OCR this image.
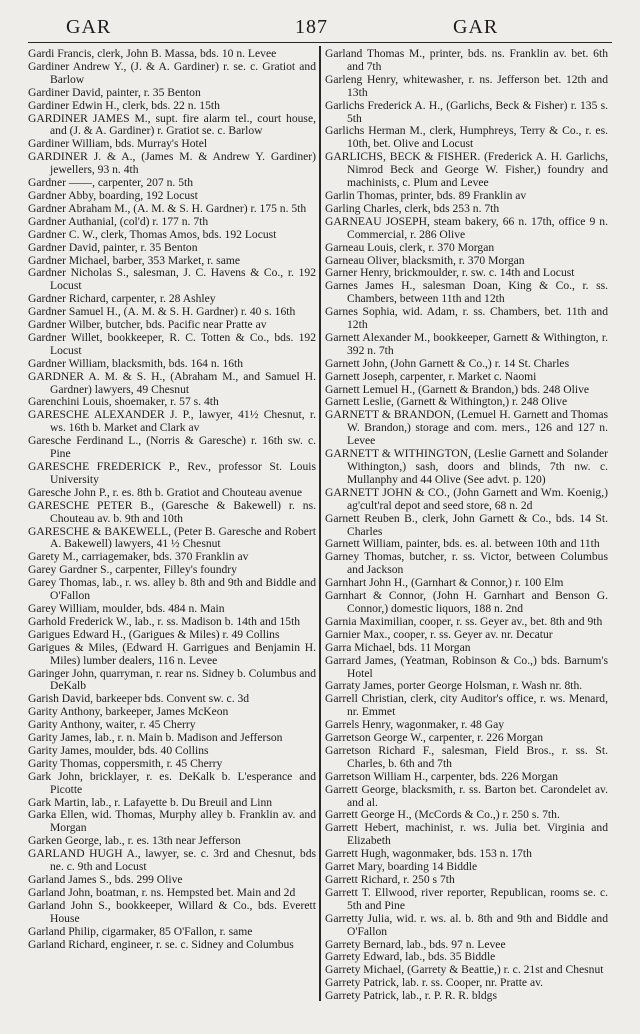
GAR	187	GAR

Gardi Francis, clerk, John B. Massa, bds. 10 n. Levee

Gardiner Andrew Y., (J. & A. Gardiner) r. se. c. Gratiot and Barlow

Gardiner David, painter, r. 35 Benton

Gardiner Edwin H., clerk, bds. 22 n. 15th

GARDINER JAMES M., supt. fire alarm tel., court house, and (J. & A. Gardiner) r. Gratiot se. c. Barlow

Gardiner William, bds. Murray's Hotel

GARDINER J. & A., (James M. & Andrew Y. Gardiner) jewellers, 93 n. 4th

Gardner ——, carpenter, 207 n. 5th

Gardner Abby, boarding, 192 Locust

Gardner Abraham M., (A. M. & S. H. Gardner) r. 175 n. 5th

Gardner Authanial, (col'd) r. 177 n. 7th

Gardner C. W., clerk, Thomas Amos, bds. 192 Locust

Gardner David, painter, r. 35 Benton

Gardner Michael, barber, 353 Market, r. same

Gardner Nicholas S., salesman, J. C. Havens & Co., r. 192 Locust

Gardner Richard, carpenter, r. 28 Ashley

Gardner Samuel H., (A. M. & S. H. Gardner) r. 40 s. 16th

Gardner Wilber, butcher, bds. Pacific near Pratte av

Gardner Willet, bookkeeper, R. C. Totten & Co., bds. 192 Locust

Gardner William, blacksmith, bds. 164 n. 16th

GARDNER A. M. & S. H., (Abraham M., and Samuel H. Gardner) lawyers, 49 Chesnut

Garenchini Louis, shoemaker, r. 57 s. 4th

GARESCHE ALEXANDER J. P., lawyer, 41½ Chesnut, r. ws. 16th b. Market and Clark av

Garesche Ferdinand L., (Norris & Garesche) r. 16th sw. c. Pine

GARESCHE FREDERICK P., Rev., professor St. Louis University

Garesche John P., r. es. 8th b. Gratiot and Chouteau avenue

GARESCHE PETER B., (Garesche & Bakewell) r. ns. Chouteau av. b. 9th and 10th

GARESCHE & BAKEWELL, (Peter B. Garesche and Robert A. Bakewell) lawyers, 41 ½ Chesnut

Garety M., carriagemaker, bds. 370 Franklin av

Garey Gardner S., carpenter, Filley's foundry

Garey Thomas, lab., r. ws. alley b. 8th and 9th and Biddle and O'Fallon

Garey William, moulder, bds. 484 n. Main

Garhold Frederick W., lab., r. ss. Madison b. 14th and 15th

Garigues Edward H., (Garigues & Miles) r. 49 Collins

Garigues & Miles, (Edward H. Garrigues and Benjamin H. Miles) lumber dealers, 116 n. Levee

Garinger John, quarryman, r. rear ns. Sidney b. Columbus and DeKalb

Garish David, barkeeper bds. Convent sw. c. 3d

Garity Anthony, barkeeper, James McKeon

Garity Anthony, waiter, r. 45 Cherry

Garity James, lab., r. n. Main b. Madison and Jefferson

Garity James, moulder, bds. 40 Collins

Garity Thomas, coppersmith, r. 45 Cherry

Gark John, bricklayer, r. es. DeKalk b. L'esperance and Picotte

Gark Martin, lab., r. Lafayette b. Du Breuil and Linn

Garka Ellen, wid. Thomas, Murphy alley b. Franklin av. and Morgan

Garken George, lab., r. es. 13th near Jefferson

GARLAND HUGH A., lawyer, se. c. 3rd and Chesnut, bds ne. c. 9th and Locust

Garland James S., bds. 299 Olive

Garland John, boatman, r. ns. Hempsted bet. Main and 2d

Garland John S., bookkeeper, Willard & Co., bds. Everett House

Garland Philip, cigarmaker, 85 O'Fallon, r. same

Garland Richard, engineer, r. se. c. Sidney and Columbus

Garland Thomas M., printer, bds. ns. Franklin av. bet. 6th and 7th

Garleng Henry, whitewasher, r. ns. Jefferson bet. 12th and 13th

Garlichs Frederick A. H., (Garlichs, Beck & Fisher) r. 135 s. 5th

Garlichs Herman M., clerk, Humphreys, Terry & Co., r. es. 10th, bet. Olive and Locust

GARLICHS, BECK & FISHER. (Frederick A. H. Garlichs, Nimrod Beck and George W. Fisher,) foundry and machinists, c. Plum and Levee

Garlin Thomas, printer, bds. 89 Franklin av

Garling Charles, clerk, bds 253 n. 7th

GARNEAU JOSEPH, steam bakery, 66 n. 17th, office 9 n. Commercial, r. 286 Olive

Garneau Louis, clerk, r. 370 Morgan

Garneau Oliver, blacksmith, r. 370 Morgan

Garner Henry, brickmoulder, r. sw. c. 14th and Locust

Garnes James H., salesman Doan, King & Co., r. ss. Chambers, between 11th and 12th

Garnes Sophia, wid. Adam, r. ss. Chambers, bet. 11th and 12th

Garnett Alexander M., bookkeeper, Garnett & Withington, r. 392 n. 7th

Garnett John, (John Garnett & Co.,) r. 14 St. Charles

Garnett Joseph, carpenter, r. Market c. Naomi

Garnett Lemuel H., (Garnett & Brandon,) bds. 248 Olive

Garnett Leslie, (Garnett & Withington,) r. 248 Olive

GARNETT & BRANDON, (Lemuel H. Garnett and Thomas W. Brandon,) storage and com. mers., 126 and 127 n. Levee

GARNETT & WITHINGTON, (Leslie Garnett and Solander Withington,) sash, doors and blinds, 7th nw. c. Mullanphy and 44 Olive (See advt. p. 120)

GARNETT JOHN & CO., (John Garnett and Wm. Koenig,) ag'cult'ral depot and seed store, 68 n. 2d

Garnett Reuben B., clerk, John Garnett & Co., bds. 14 St. Charles

Garnett William, painter, bds. es. al. between 10th and 11th

Garney Thomas, butcher, r. ss. Victor, between Columbus and Jackson

Garnhart John H., (Garnhart & Connor,) r. 100 Elm

Garnhart & Connor, (John H. Garnhart and Benson G. Connor,) domestic liquors, 188 n. 2nd

Garnia Maximilian, cooper, r. ss. Geyer av., bet. 8th and 9th

Garnier Max., cooper, r. ss. Geyer av. nr. Decatur

Garra Michael, bds. 11 Morgan

Garrard James, (Yeatman, Robinson & Co.,) bds. Barnum's Hotel

Garraty James, porter George Holsman, r. Wash nr. 8th.

Garrell Christian, clerk, city Auditor's office, r. ws. Menard, nr. Emmet

Garrels Henry, wagonmaker, r. 48 Gay

Garretson George W., carpenter, r. 226 Morgan

Garretson Richard F., salesman, Field Bros., r. ss. St. Charles, b. 6th and 7th

Garretson William H., carpenter, bds. 226 Morgan

Garrett George, blacksmith, r. ss. Barton bet. Carondelet av. and al.

Garrett George H., (McCords & Co.,) r. 250 s. 7th.

Garrett Hebert, machinist, r. ws. Julia bet. Virginia and Elizabeth

Garrett Hugh, wagonmaker, bds. 153 n. 17th

Garret Mary, boarding 14 Biddle

Garrett Richard, r. 250 s 7th

Garrett T. Ellwood, river reporter, Republican, rooms se. c. 5th and Pine

Garretty Julia, wid. r. ws. al. b. 8th and 9th and Biddle and O'Fallon

Garrety Bernard, lab., bds. 97 n. Levee

Garrety Edward, lab., bds. 35 Biddle

Garrety Michael, (Garrety & Beattie,) r. c. 21st and Chesnut

Garrety Patrick, lab. r. ss. Cooper, nr. Pratte av.

Garrety Patrick, lab., r. P. R. R. bldgs
